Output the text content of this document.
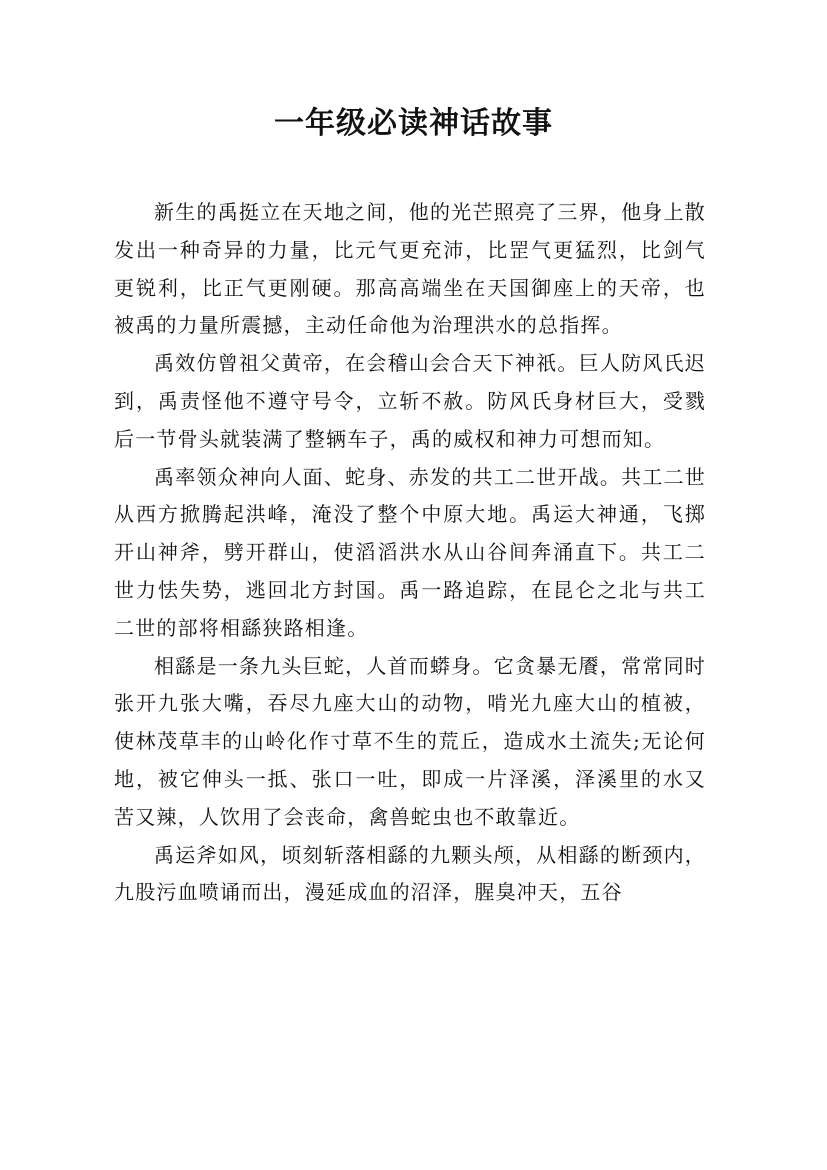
一年级必读神话故事

新生的禹挺立在天地之间，他的光芒照亮了三界，他身上散发出一种奇异的力量，比元气更充沛，比罡气更猛烈，比剑气更锐利，比正气更刚硬。那高高端坐在天国御座上的天帝，也被禹的力量所震撼，主动任命他为治理洪水的总指挥。

禹效仿曾祖父黄帝，在会稽山会合天下神祇。巨人防风氏迟到，禹责怪他不遵守号令，立斩不赦。防风氏身材巨大，受戮后一节骨头就装满了整辆车子，禹的威权和神力可想而知。

禹率领众神向人面、蛇身、赤发的共工二世开战。共工二世从西方掀腾起洪峰，淹没了整个中原大地。禹运大神通，飞掷开山神斧，劈开群山，使滔滔洪水从山谷间奔涌直下。共工二世力怯失势，逃回北方封国。禹一路追踪，在昆仑之北与共工二世的部将相繇狭路相逢。

相繇是一条九头巨蛇，人首而蟒身。它贪暴无餍，常常同时张开九张大嘴，吞尽九座大山的动物，啃光九座大山的植被，使林茂草丰的山岭化作寸草不生的荒丘，造成水土流失;无论何地，被它伸头一抵、张口一吐，即成一片泽溪，泽溪里的水又苦又辣，人饮用了会丧命，禽兽蛇虫也不敢靠近。

禹运斧如风，顷刻斩落相繇的九颗头颅，从相繇的断颈内，九股污血喷诵而出，漫延成血的沼泽，腥臭冲天，五谷
